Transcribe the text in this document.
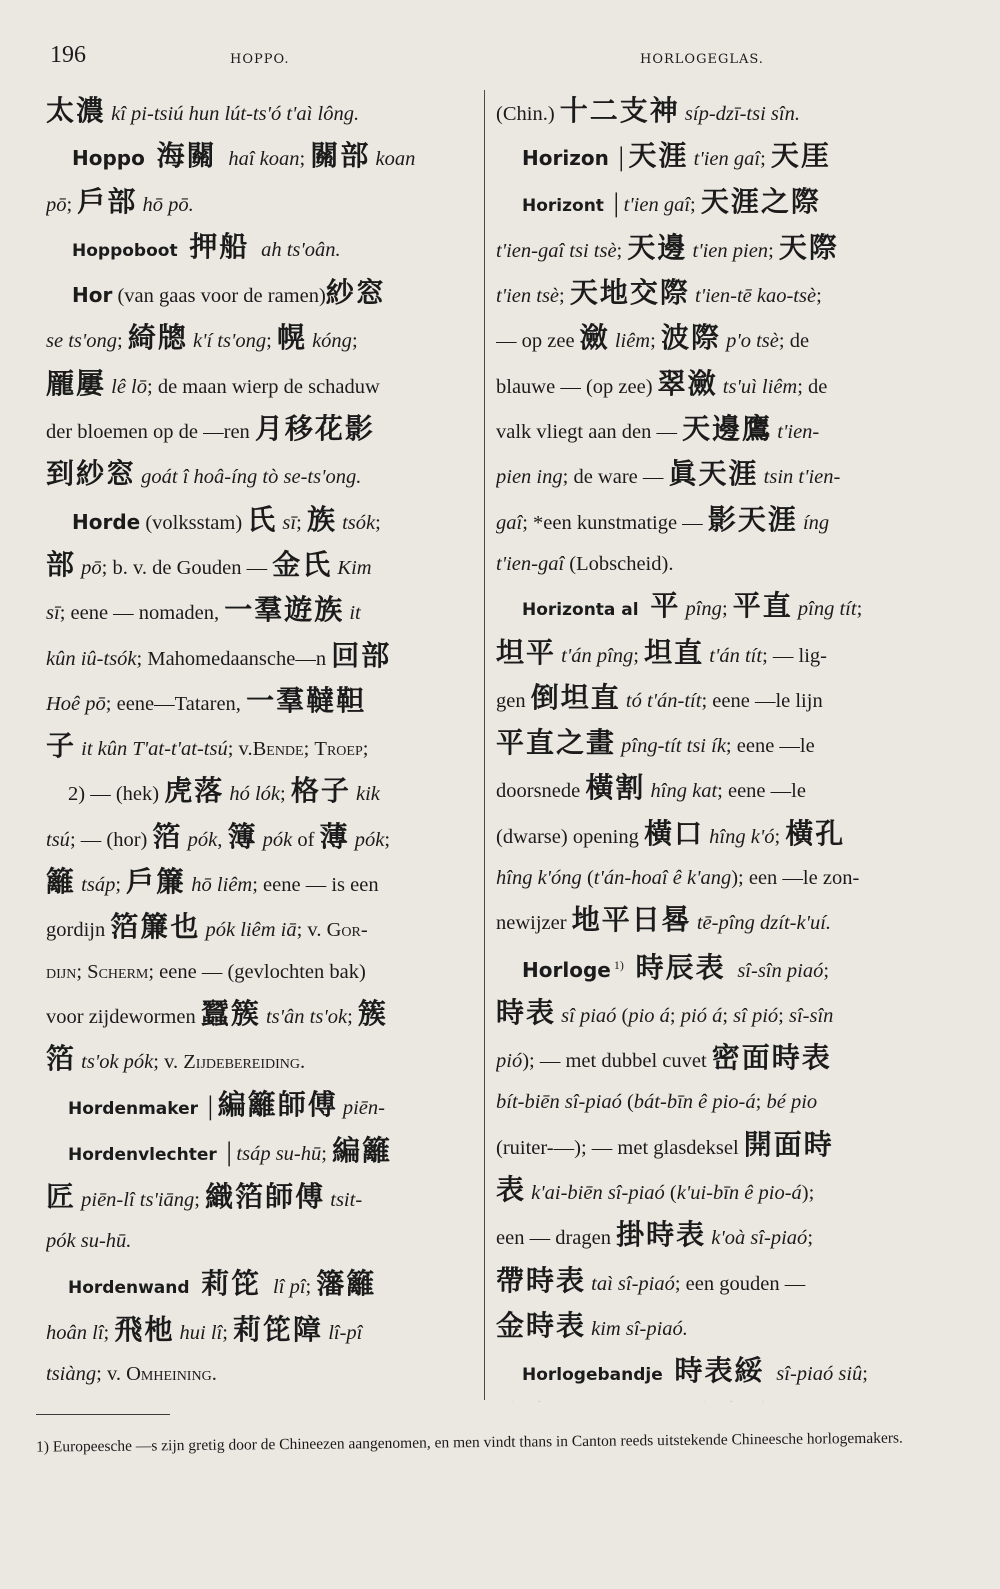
196	HOPPO.	HORLOGEGLAS.
太濃 kî pi-tsiú hun lút-ts'ó t'aì lông.
Hoppo 海關 haî koan; 關部 koan
pō; 戶部 hō pō.
Hoppoboot 押船 ah ts'oân.
Hor (van gaas voor de ramen)紗窓
se ts'ong; 綺牕 k'í ts'ong; 幌 kóng;
龎屢 lê lō; de maan wierp de schaduw
der bloemen op de —ren 月移花影
到紗窓 goát î hoâ-íng tò se-ts'ong.
Horde (volksstam) 氏 sī; 族 tsók;
部 pō; b. v. de Gouden — 金氏 Kim
sī; eene — nomaden, 一羣遊族 it
kûn iû-tsók; Mahomedaansche—n 回部
Hoê pō; eene—Tataren, 一羣韃靼
子 it kûn T'at-t'at-tsú; v.Bende; Troep;
2) — (hek) 虎落 hó lók; 格子 kik
tsú; — (hor) 箔 pók, 簿 pók of 薄 pók;
籬 tsáp; 戶簾 hō liêm; eene — is een
gordijn 箔簾也 pók liêm iā; v. Gor-
dijn; Scherm; eene — (gevlochten bak)
voor zijdewormen 蠶簇 ts'ân ts'ok; 簇
箔 ts'ok pók; v. Zijdebereiding.
Hordenmaker │編籬師傅 piēn-
Hordenvlechter │tsáp su-hū; 編籬
匠 piēn-lî ts'iāng; 織箔師傅 tsit-
pók su-hū.
Hordenwand 莉笓 lî pî; 籓籬
hoân lî; 飛杝 hui lî; 莉笓障 lî-pî
tsiàng; v. Omheining.
(Chin.) 十二支神 síp-dzī-tsi sîn.
Horizon │天涯 t'ien gaî; 天厓
Horizont │t'ien gaî; 天涯之際
t'ien-gaî tsi tsè; 天邊 t'ien pien; 天際
t'ien tsè; 天地交際 t'ien-tē kao-tsè;
— op zee 瀲 liêm; 波際 p'o tsè; de
blauwe — (op zee) 翠瀲 ts'uì liêm; de
valk vliegt aan den — 天邊鷹 t'ien-
pien ing; de ware — 眞天涯 tsin t'ien-
gaî; *een kunstmatige — 影天涯 íng
t'ien-gaî (Lobscheid).
Horizonta al 平 pîng; 平直 pîng tít;
坦平 t'án pîng; 坦直 t'án tít; — lig-
gen 倒坦直 tó t'án-tít; eene —le lijn
平直之畫 pîng-tít tsi ík; eene —le
doorsnede 橫割 hîng kat; eene —le
(dwarse) opening 橫口 hîng k'ó; 橫孔
hîng k'óng (t'án-hoaî ê k'ang); een —le zon-
newijzer 地平日晷 tē-pîng dzít-k'uí.
Horloge $^{1)}$ 時辰表 sî-sîn piaó;
時表 sî piaó (pio á; pió á; sî pió; sî-sîn
pió); — met dubbel cuvet 密面時表
bít-biēn sî-piaó (bát-bīn ê pio-á; bé pio
(ruiter-—); — met glasdeksel 開面時
表 k'ai-biēn sî-piaó (k'ui-bīn ê pio-á);
een — dragen 掛時表 k'oà sî-piaó;
帶時表 taì sî-piaó; een gouden —
金時表 kim sî-piaó.
Horlogebandje 時表綏 sî-piaó siû;
1) Europeesche —s zijn gretig door de Chineezen aangenomen, en men vindt thans in Canton reeds uitstekende Chineesche horlogemakers.
